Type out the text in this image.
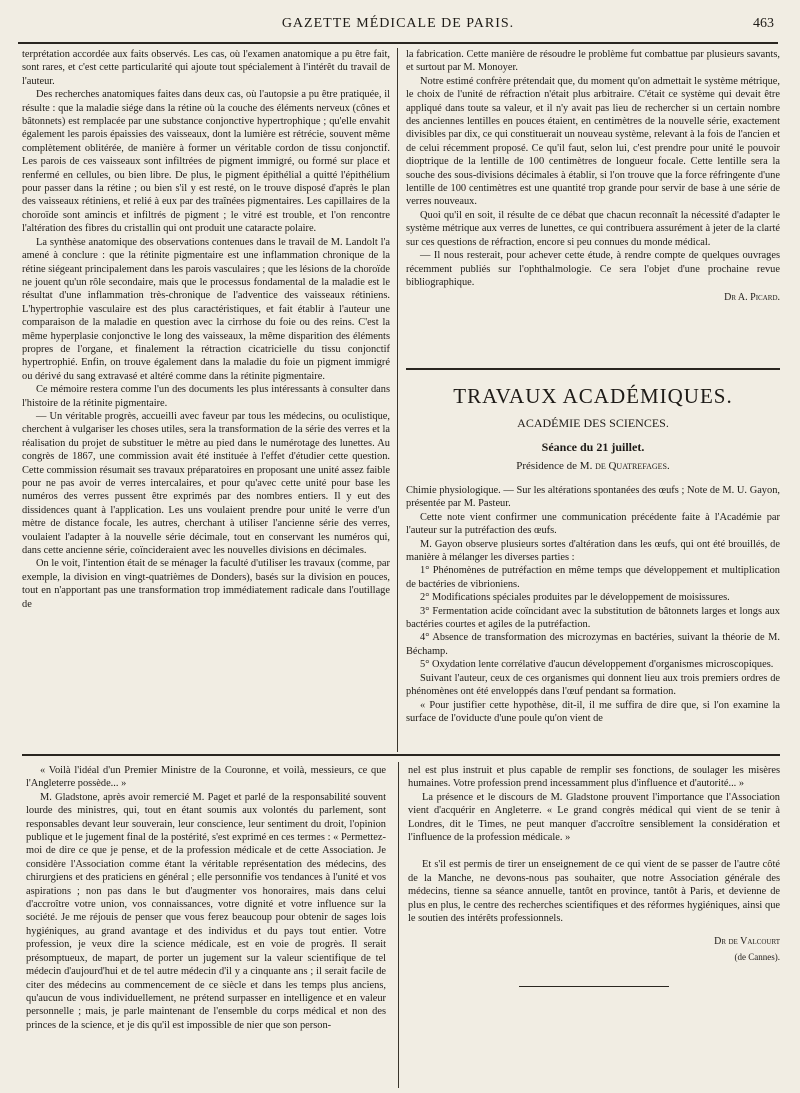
GAZETTE MÉDICALE DE PARIS.	463

terprétation accordée aux faits observés. Les cas, où l'examen anatomique a pu être fait, sont rares, et c'est cette particularité qui ajoute tout spécialement à l'intérêt du travail de l'auteur.

Des recherches anatomiques faites dans deux cas, où l'autopsie a pu être pratiquée, il résulte : que la maladie siége dans la rétine où la couche des éléments nerveux (cônes et bâtonnets) est remplacée par une substance conjonctive hypertrophique ; qu'elle envahit également les parois épaissies des vaisseaux, dont la lumière est rétrécie, souvent même complètement oblitérée, de manière à former un véritable cordon de tissu conjonctif. Les parois de ces vaisseaux sont infiltrées de pigment immigré, ou formé sur place et renfermé en cellules, ou bien libre. De plus, le pigment épithélial a quitté l'épithélium pour passer dans la rétine ; ou bien s'il y est resté, on le trouve disposé d'après le plan des vaisseaux rétiniens, et relié à eux par des traînées pigmentaires. Les capillaires de la choroïde sont amincis et infiltrés de pigment ; le vitré est trouble, et l'on rencontre l'altération des fibres du cristallin qui ont produit une cataracte polaire.

La synthèse anatomique des observations contenues dans le travail de M. Landolt l'a amené à conclure : que la rétinite pigmentaire est une inflammation chronique de la rétine siégeant principalement dans les parois vasculaires ; que les lésions de la choroïde ne jouent qu'un rôle secondaire, mais que le processus fondamental de la maladie est le résultat d'une inflammation très-chronique de l'adventice des vaisseaux rétiniens. L'hypertrophie vasculaire est des plus caractéristiques, et fait établir à l'auteur une comparaison de la maladie en question avec la cirrhose du foie ou des reins. C'est la même hyperplasie conjonctive le long des vaisseaux, la même disparition des éléments propres de l'organe, et finalement la rétraction cicatricielle du tissu conjonctif hypertrophié. Enfin, on trouve également dans la maladie du foie un pigment immigré ou dérivé du sang extravasé et altéré comme dans la rétinite pigmentaire.

Ce mémoire restera comme l'un des documents les plus intéressants à consulter dans l'histoire de la rétinite pigmentaire.

— Un véritable progrès, accueilli avec faveur par tous les médecins, ou oculistique, cherchent à vulgariser les choses utiles, sera la transformation de la série des verres et la réalisation du projet de substituer le mètre au pied dans le numérotage des lunettes. Au congrès de 1867, une commission avait été instituée à l'effet d'étudier cette question. Cette commission résumait ses travaux préparatoires en proposant une unité assez faible pour ne pas avoir de verres intercalaires, et pour qu'avec cette unité pour base les numéros des verres pussent être exprimés par des nombres entiers. Il y eut des dissidences quant à l'application. Les uns voulaient prendre pour unité le verre d'un mètre de distance focale, les autres, cherchant à utiliser l'ancienne série des verres, voulaient l'adapter à la nouvelle série décimale, tout en conservant les numéros qui, dans cette ancienne série, coïncideraient avec les nouvelles divisions en décimales.

On le voit, l'intention était de se ménager la faculté d'utiliser les travaux (comme, par exemple, la division en vingt-quatrièmes de Donders), basés sur la division en pouces, tout en n'apportant pas une transformation trop immédiatement radicale dans l'outillage de

la fabrication. Cette manière de résoudre le problème fut combattue par plusieurs savants, et surtout par M. Monoyer.

Notre estimé confrère prétendait que, du moment qu'on admettait le système métrique, le choix de l'unité de réfraction n'était plus arbitraire. C'était ce système qui devait être appliqué dans toute sa valeur, et il n'y avait pas lieu de rechercher si un certain nombre des anciennes lentilles en pouces étaient, en centimètres de la nouvelle série, exactement divisibles par dix, ce qui constituerait un nouveau système, relevant à la fois de l'ancien et de celui récemment proposé. Ce qu'il faut, selon lui, c'est prendre pour unité le pouvoir dioptrique de la lentille de 100 centimètres de longueur focale. Cette lentille sera la souche des sous-divisions décimales à établir, si l'on trouve que la force réfringente d'une lentille de 100 centimètres est une quantité trop grande pour servir de base à une série de verres nouveaux.

Quoi qu'il en soit, il résulte de ce débat que chacun reconnaît la nécessité d'adapter le système métrique aux verres de lunettes, ce qui contribuera assurément à jeter de la clarté sur ces questions de réfraction, encore si peu connues du monde médical.

— Il nous resterait, pour achever cette étude, à rendre compte de quelques ouvrages récemment publiés sur l'ophthalmologie. Ce sera l'objet d'une prochaine revue bibliographique.

Dr A. Picard.
TRAVAUX ACADÉMIQUES.
ACADÉMIE DES SCIENCES.
Séance du 21 juillet.
Présidence de M. de Quatrefages.

Chimie physiologique. — Sur les altérations spontanées des œufs ; Note de M. U. Gayon, présentée par M. Pasteur.

Cette note vient confirmer une communication précédente faite à l'Académie par l'auteur sur la putréfaction des œufs.

M. Gayon observe plusieurs sortes d'altération dans les œufs, qui ont été brouillés, de manière à mélanger les diverses parties :

1° Phénomènes de putréfaction en même temps que développement et multiplication de bactéries de vibrioniens.

2° Modifications spéciales produites par le développement de moisissures.

3° Fermentation acide coïncidant avec la substitution de bâtonnets larges et longs aux bactéries courtes et agiles de la putréfaction.

4° Absence de transformation des microzymas en bactéries, suivant la théorie de M. Béchamp.

5° Oxydation lente corrélative d'aucun développement d'organismes microscopiques.

Suivant l'auteur, ceux de ces organismes qui donnent lieu aux trois premiers ordres de phénomènes ont été enveloppés dans l'œuf pendant sa formation.

« Pour justifier cette hypothèse, dit-il, il me suffira de dire que, si l'on examine la surface de l'oviducte d'une poule qu'on vient de

« Voilà l'idéal d'un Premier Ministre de la Couronne, et voilà, messieurs, ce que l'Angleterre possède... »

M. Gladstone, après avoir remercié M. Paget et parlé de la responsabilité souvent lourde des ministres, qui, tout en étant soumis aux volontés du parlement, sont responsables devant leur souverain, leur conscience, leur sentiment du droit, l'opinion publique et le jugement final de la postérité, s'est exprimé en ces termes : « Permettez-moi de dire ce que je pense, et de la profession médicale et de cette Association. Je considère l'Association comme étant la véritable représentation des médecins, des chirurgiens et des praticiens en général ; elle personnifie vos tendances à l'unité et vos aspirations ; non pas dans le but d'augmenter vos honoraires, mais dans celui d'accroître votre union, vos connaissances, votre dignité et votre influence sur la société. Je me réjouis de penser que vous ferez beaucoup pour obtenir de sages lois hygiéniques, au grand avantage et des individus et du pays tout entier. Votre profession, je veux dire la science médicale, est en voie de progrès. Il serait présomptueux, de mapart, de porter un jugement sur la valeur scientifique de tel médecin d'aujourd'hui et de tel autre médecin d'il y a cinquante ans ; il serait facile de citer des médecins au commencement de ce siècle et dans les temps plus anciens, qu'aucun de vous individuellement, ne prétend surpasser en intelligence et en valeur personnelle ; mais, je parle maintenant de l'ensemble du corps médical et non des princes de la science, et je dis qu'il est impossible de nier que son person-

nel est plus instruit et plus capable de remplir ses fonctions, de soulager les misères humaines. Votre profession prend incessamment plus d'influence et d'autorité... »

La présence et le discours de M. Gladstone prouvent l'importance que l'Association vient d'acquérir en Angleterre. « Le grand congrès médical qui vient de se tenir à Londres, dit le Times, ne peut manquer d'accroître sensiblement la considération et l'influence de la profession médicale. »

Et s'il est permis de tirer un enseignement de ce qui vient de se passer de l'autre côté de la Manche, ne devons-nous pas souhaiter, que notre Association générale des médecins, tienne sa séance annuelle, tantôt en province, tantôt à Paris, et devienne de plus en plus, le centre des recherches scientifiques et des réformes hygiéniques, ainsi que le soutien des intérêts professionnels.

Dr de Valcourt
(de Cannes).
